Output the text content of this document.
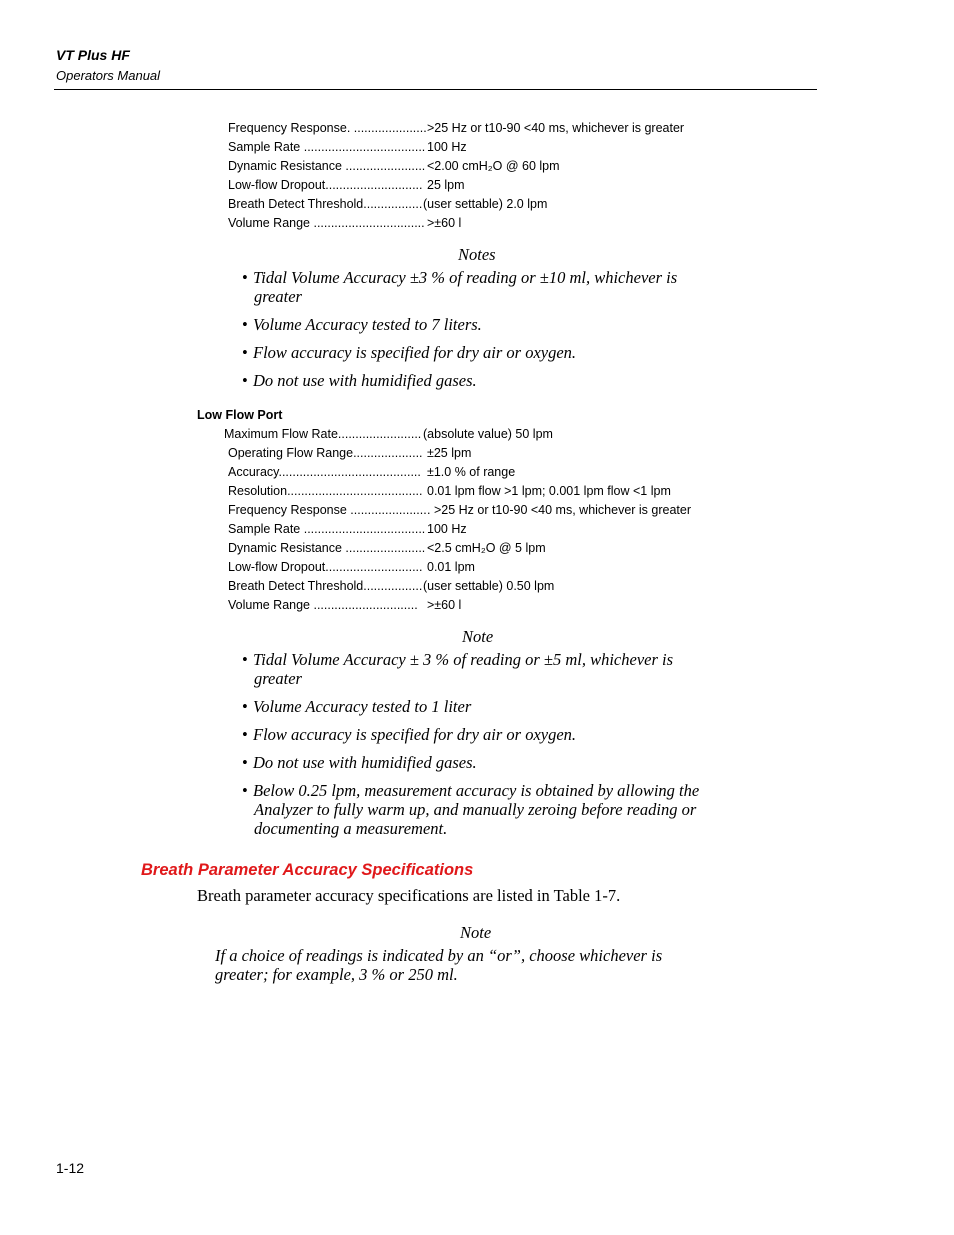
VT Plus HF
Operators Manual
Frequency Response. ..................... >25 Hz or t10-90 <40 ms, whichever is greater
Sample Rate ................................... 100 Hz
Dynamic Resistance ....................... <2.00 cmH₂O @ 60 lpm
Low-flow Dropout............................ 25 lpm
Breath Detect Threshold................. (user settable) 2.0 lpm
Volume Range ................................ >±60 l
Notes
• Tidal Volume Accuracy ±3 % of reading or ±10 ml, whichever is
greater
• Volume Accuracy tested to 7 liters.
• Flow accuracy is specified for dry air or oxygen.
• Do not use with humidified gases.
Low Flow Port
Maximum Flow Rate........................ (absolute value) 50 lpm
Operating Flow Range.................... ±25 lpm
Accuracy......................................... ±1.0 % of range
Resolution....................................... 0.01 lpm flow >1 lpm; 0.001 lpm flow <1 lpm
Frequency Response ...................... . >25 Hz or t10-90 <40 ms, whichever is greater
Sample Rate ................................... 100 Hz
Dynamic Resistance ....................... <2.5 cmH₂O @ 5 lpm
Low-flow Dropout............................ 0.01 lpm
Breath Detect Threshold................. (user settable) 0.50 lpm
Volume Range .............................. >±60 l
Note
• Tidal Volume Accuracy ± 3 % of reading or ±5 ml, whichever is
greater
• Volume Accuracy tested to 1 liter
• Flow accuracy is specified for dry air or oxygen.
• Do not use with humidified gases.
• Below 0.25 lpm, measurement accuracy is obtained by allowing the
Analyzer to fully warm up, and manually zeroing before reading or
documenting a measurement.
Breath Parameter Accuracy Specifications
Breath parameter accuracy specifications are listed in Table 1-7.
Note
If a choice of readings is indicated by an “or”, choose whichever is
greater; for example, 3 % or 250 ml.
1-12
